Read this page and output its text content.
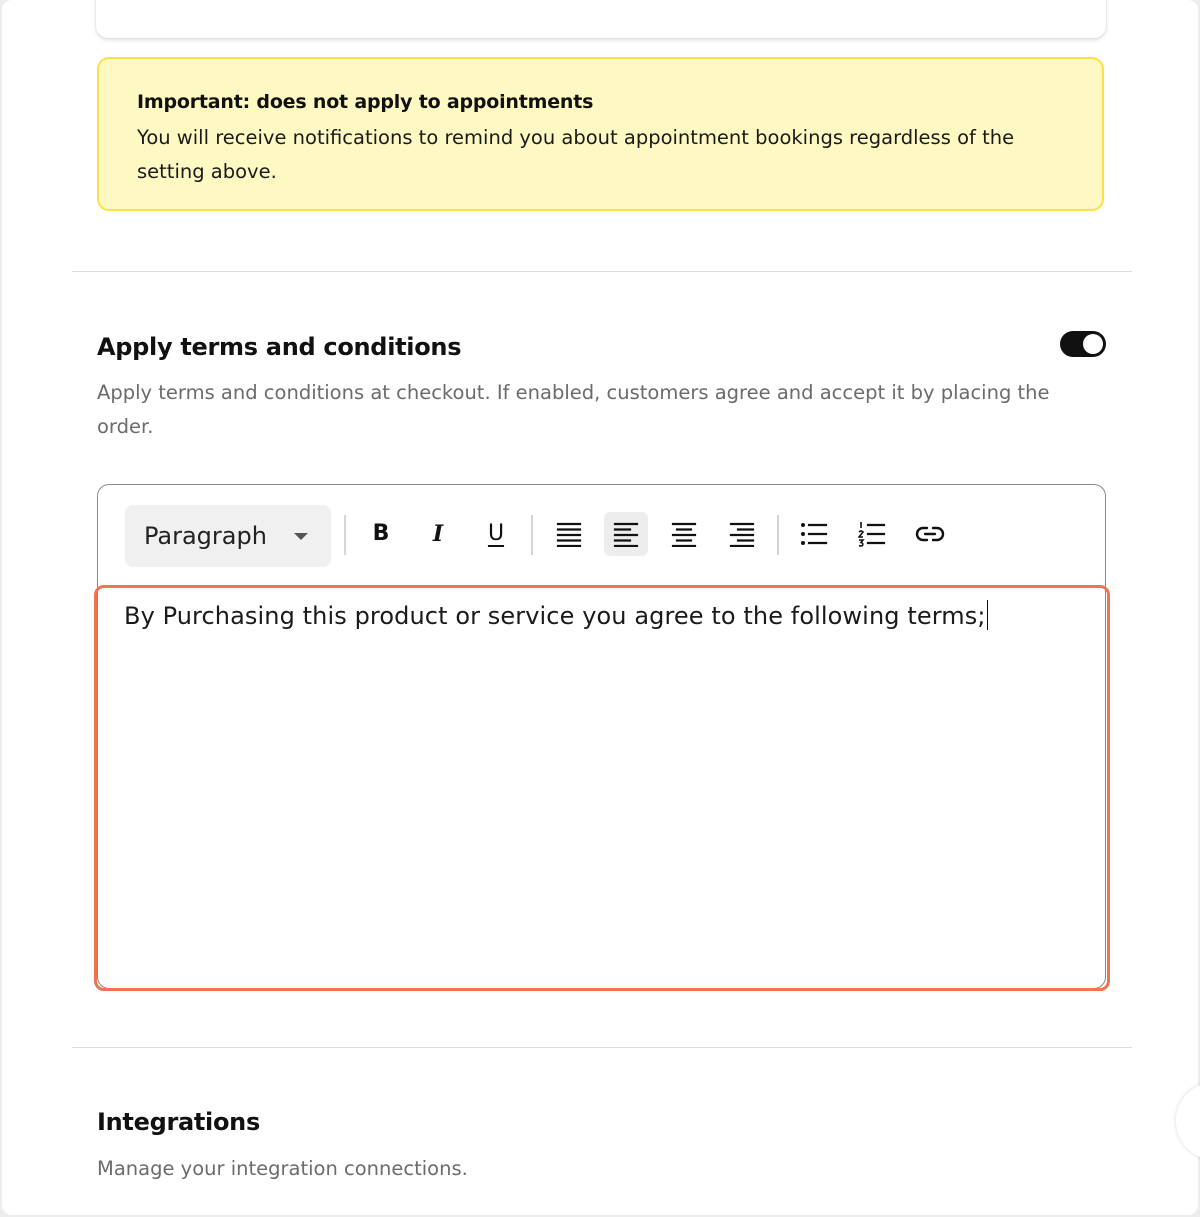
Important: does not apply to appointments

You will receive notifications to remind you about appointment bookings regardless of the setting above.

Apply terms and conditions

Apply terms and conditions at checkout. If enabled, customers agree and accept it by placing the order.

Paragraph	B I U

By Purchasing this product or service you agree to the following terms;

Integrations

Manage your integration connections.
